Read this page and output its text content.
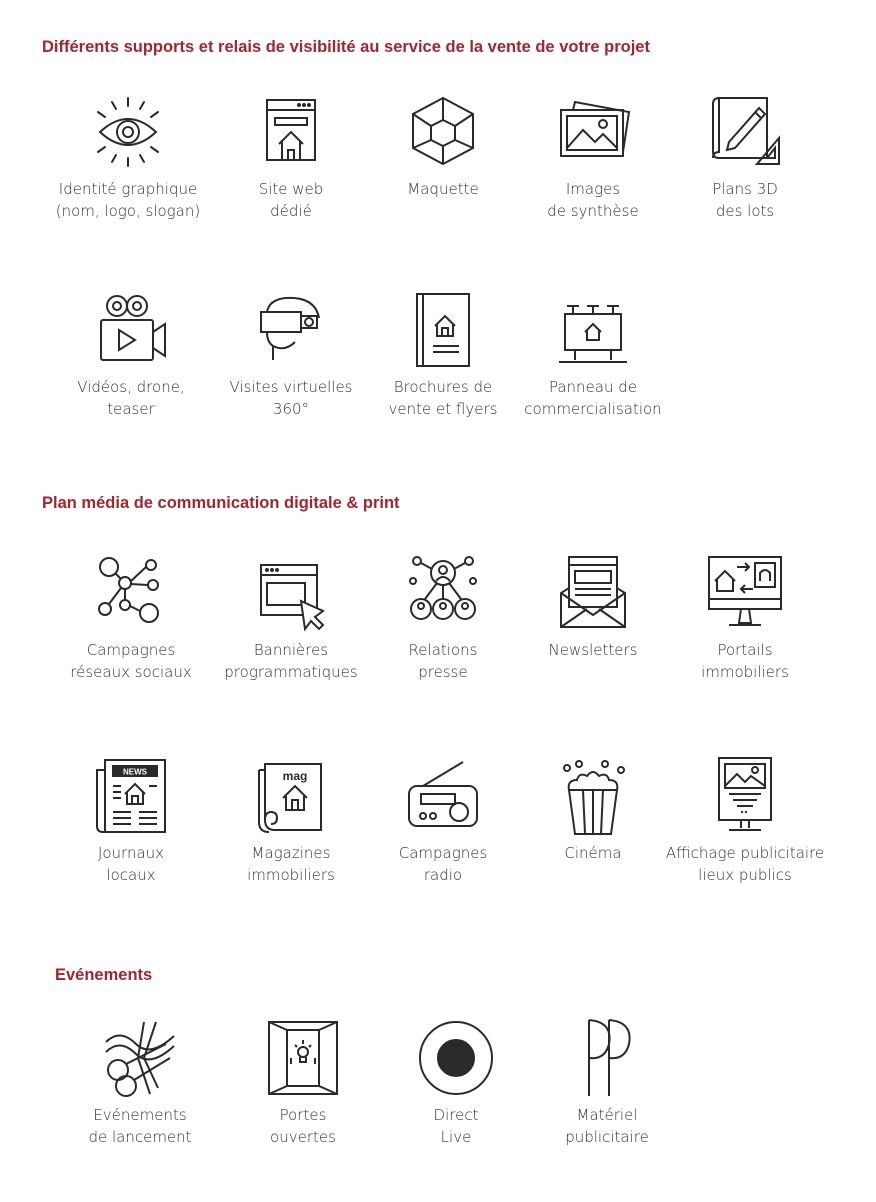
Différents supports et relais de visibilité au service de la vente de votre projet
Identité graphique
(nom, logo, slogan)
Site web
dédié
Maquette	Images
de synthèse
Plans 3D
des lots
Vidéos, drone,
teaser
Visites virtuelles
360°
Brochures de
vente et flyers
Panneau de
commercialisation
Plan média de communication digitale & print
Campagnes
réseaux sociaux
Bannières
programmatiques
Relations
presse
Newsletters	Portails
immobiliers
NEWS
Journaux
locaux
mag
Magazines
immobiliers
Campagnes
radio
Cinéma	Affichage publicitaire
lieux publics
Evénements
Evénements
de lancement
Portes
ouvertes
Direct
Live
Matériel
publicitaire
